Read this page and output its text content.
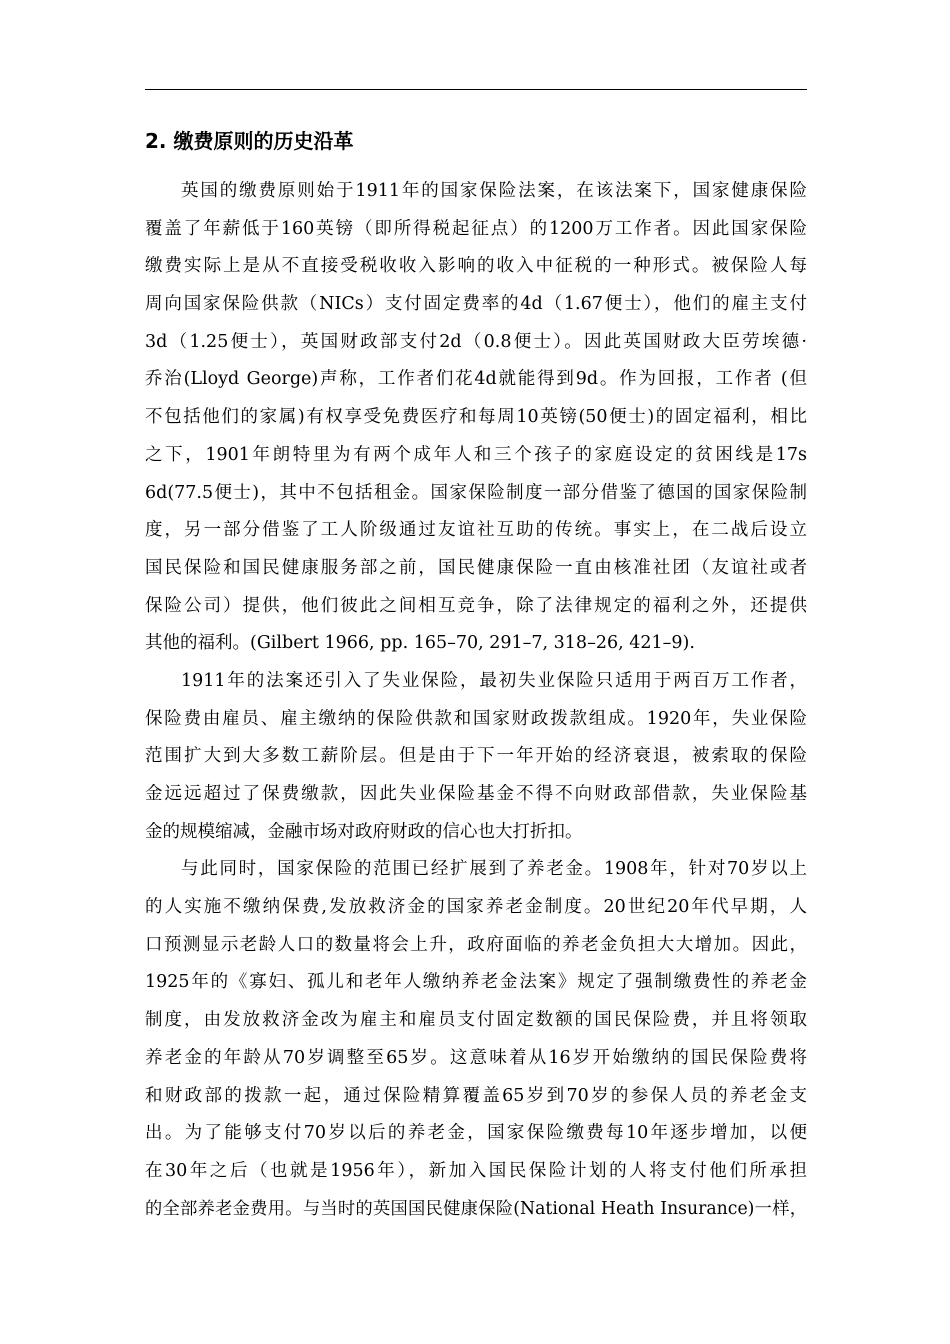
2. 缴费原则的历史沿革

英国的缴费原则始于1911年的国家保险法案，在该法案下，国家健康保险
覆盖了年薪低于160英镑（即所得税起征点）的1200万工作者。因此国家保险
缴费实际上是从不直接受税收收入影响的收入中征税的一种形式。被保险人每
周向国家保险供款（NICs）支付固定费率的4d（1.67便士），他们的雇主支付
3d（1.25便士），英国财政部支付2d（0.8便士）。因此英国财政大臣劳埃德·
乔治(Lloyd George)声称，工作者们花4d就能得到9d。作为回报，工作者 (但
不包括他们的家属)有权享受免费医疗和每周10英镑(50便士)的固定福利，相比
之下，1901年朗特里为有两个成年人和三个孩子的家庭设定的贫困线是17s
6d(77.5便士)，其中不包括租金。国家保险制度一部分借鉴了德国的国家保险制
度，另一部分借鉴了工人阶级通过友谊社互助的传统。事实上，在二战后设立
国民保险和国民健康服务部之前，国民健康保险一直由核准社团（友谊社或者
保险公司）提供，他们彼此之间相互竞争，除了法律规定的福利之外，还提供
其他的福利。(Gilbert 1966, pp. 165–70, 291–7, 318–26, 421–9).

1911年的法案还引入了失业保险，最初失业保险只适用于两百万工作者，
保险费由雇员、雇主缴纳的保险供款和国家财政拨款组成。1920年，失业保险
范围扩大到大多数工薪阶层。但是由于下一年开始的经济衰退，被索取的保险
金远远超过了保费缴款，因此失业保险基金不得不向财政部借款，失业保险基
金的规模缩减，金融市场对政府财政的信心也大打折扣。

与此同时，国家保险的范围已经扩展到了养老金。1908年，针对70岁以上
的人实施不缴纳保费,发放救济金的国家养老金制度。20世纪20年代早期，人
口预测显示老龄人口的数量将会上升，政府面临的养老金负担大大增加。因此，
1925年的《寡妇、孤儿和老年人缴纳养老金法案》规定了强制缴费性的养老金
制度，由发放救济金改为雇主和雇员支付固定数额的国民保险费，并且将领取
养老金的年龄从70岁调整至65岁。这意味着从16岁开始缴纳的国民保险费将
和财政部的拨款一起，通过保险精算覆盖65岁到70岁的参保人员的养老金支
出。为了能够支付70岁以后的养老金，国家保险缴费每10年逐步增加，以便
在30年之后（也就是1956年），新加入国民保险计划的人将支付他们所承担
的全部养老金费用。与当时的英国国民健康保险(National Heath Insurance)一样，
